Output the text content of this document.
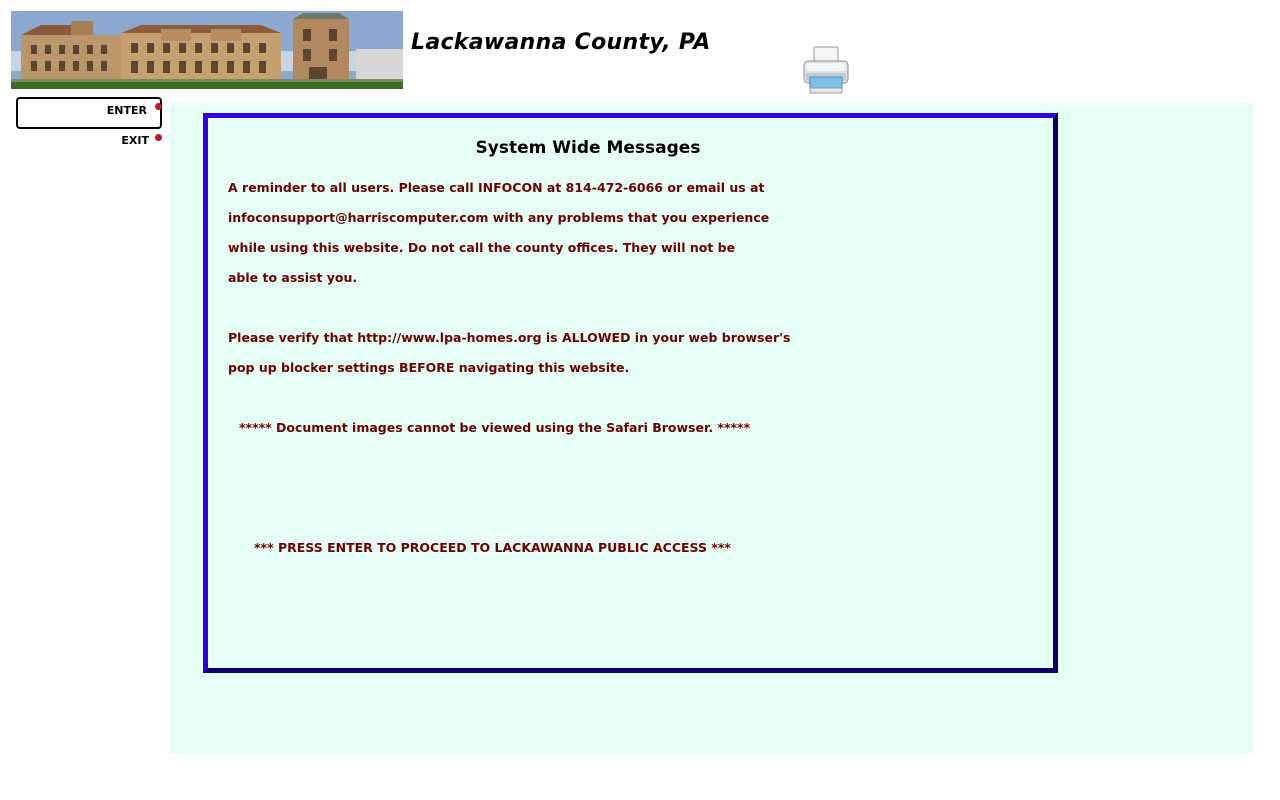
Lackawanna County, PA
ENTER
EXIT	System Wide Messages
A reminder to all users. Please call INFOCON at 814-472-6066 or email us at
infoconsupport@harriscomputer.com with any problems that you experience
while using this website. Do not call the county offices. They will not be
able to assist you.
Please verify that http://www.lpa-homes.org is ALLOWED in your web browser's
pop up blocker settings BEFORE navigating this website.
***** Document images cannot be viewed using the Safari Browser. *****
*** PRESS ENTER TO PROCEED TO LACKAWANNA PUBLIC ACCESS ***
